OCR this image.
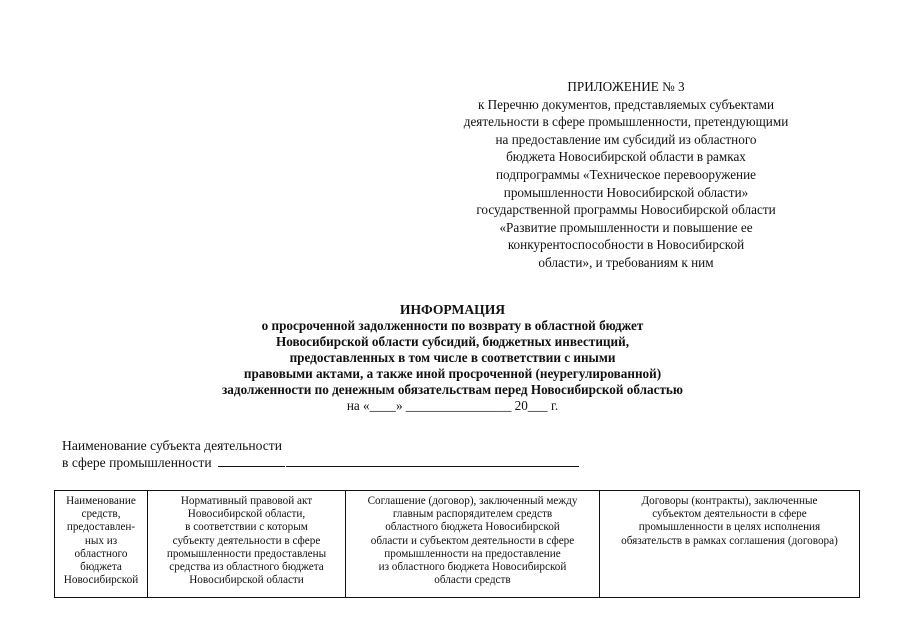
ПРИЛОЖЕНИЕ № 3
к Перечню документов, представляемых субъектами
деятельности в сфере промышленности, претендующими
на предоставление им субсидий из областного
бюджета Новосибирской области в рамках
подпрограммы «Техническое перевооружение
промышленности Новосибирской области»
государственной программы Новосибирской области
«Развитие промышленности и повышение ее
конкурентоспособности в Новосибирской
области», и требованиям к ним
ИНФОРМАЦИЯ
о просроченной задолженности по возврату в областной бюджет
Новосибирской области субсидий, бюджетных инвестиций,
предоставленных в том числе в соответствии с иными
правовыми актами, а также иной просроченной (неурегулированной)
задолженности по денежным обязательствам перед Новосибирской областью
на «____» ________________ 20___ г.
Наименование субъекта деятельности
в сфере промышленности
Наименование
средств,
предоставлен-
ных из
областного
бюджета
Новосибирской

Нормативный правовой акт
Новосибирской области,
в соответствии с которым
субъекту деятельности в сфере
промышленности предоставлены
средства из областного бюджета
Новосибирской области

Соглашение (договор), заключенный между
главным распорядителем средств
областного бюджета Новосибирской
области и субъектом деятельности в сфере
промышленности на предоставление
из областного бюджета Новосибирской
области средств

Договоры (контракты), заключенные
субъектом деятельности в сфере
промышленности в целях исполнения
обязательств в рамках соглашения (договора)
